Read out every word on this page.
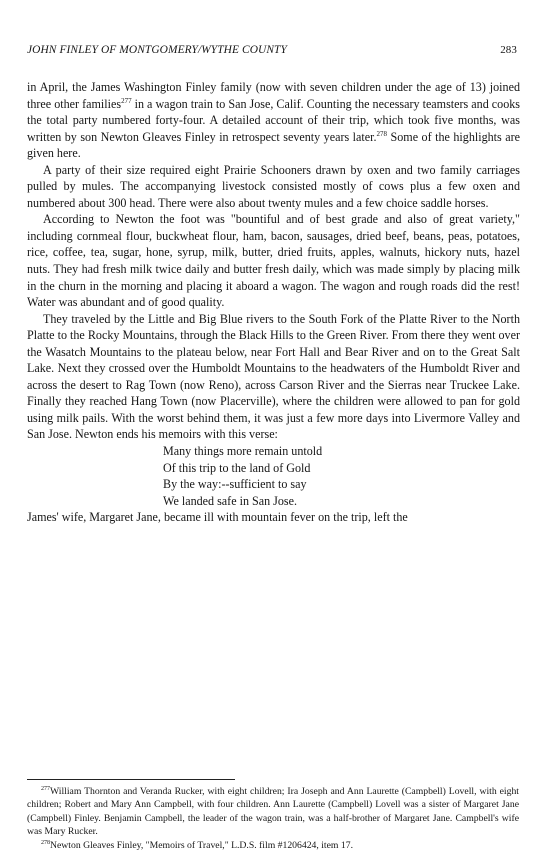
JOHN FINLEY OF MONTGOMERY/WYTHE COUNTY	283

in April, the James Washington Finley family (now with seven children under the age of 13) joined three other families$^{277}$ in a wagon train to San Jose, Calif. Counting the necessary teamsters and cooks the total party numbered forty-four. A detailed account of their trip, which took five months, was written by son Newton Gleaves Finley in retrospect seventy years later.$^{278}$ Some of the highlights are given here.

A party of their size required eight Prairie Schooners drawn by oxen and two family carriages pulled by mules. The accompanying livestock consisted mostly of cows plus a few oxen and numbered about 300 head. There were also about twenty mules and a few choice saddle horses.

According to Newton the foot was "bountiful and of best grade and also of great variety," including cornmeal flour, buckwheat flour, ham, bacon, sausages, dried beef, beans, peas, potatoes, rice, coffee, tea, sugar, hone, syrup, milk, butter, dried fruits, apples, walnuts, hickory nuts, hazel nuts. They had fresh milk twice daily and butter fresh daily, which was made simply by placing milk in the churn in the morning and placing it aboard a wagon. The wagon and rough roads did the rest! Water was abundant and of good quality.

They traveled by the Little and Big Blue rivers to the South Fork of the Platte River to the North Platte to the Rocky Mountains, through the Black Hills to the Green River. From there they went over the Wasatch Mountains to the plateau below, near Fort Hall and Bear River and on to the Great Salt Lake. Next they crossed over the Humboldt Mountains to the headwaters of the Humboldt River and across the desert to Rag Town (now Reno), across Carson River and the Sierras near Truckee Lake. Finally they reached Hang Town (now Placerville), where the children were allowed to pan for gold using milk pails. With the worst behind them, it was just a few more days into Livermore Valley and San Jose. Newton ends his memoirs with this verse:

Many things more remain untold
Of this trip to the land of Gold
By the way:--sufficient to say
We landed safe in San Jose.

James' wife, Margaret Jane, became ill with mountain fever on the trip, left the

$^{277}$William Thornton and Veranda Rucker, with eight children; Ira Joseph and Ann Laurette (Campbell) Lovell, with eight children; Robert and Mary Ann Campbell, with four children. Ann Laurette (Campbell) Lovell was a sister of Margaret Jane (Campbell) Finley. Benjamin Campbell, the leader of the wagon train, was a half-brother of Margaret Jane. Campbell's wife was Mary Rucker.

$^{278}$Newton Gleaves Finley, "Memoirs of Travel," L.D.S. film #1206424, item 17.
